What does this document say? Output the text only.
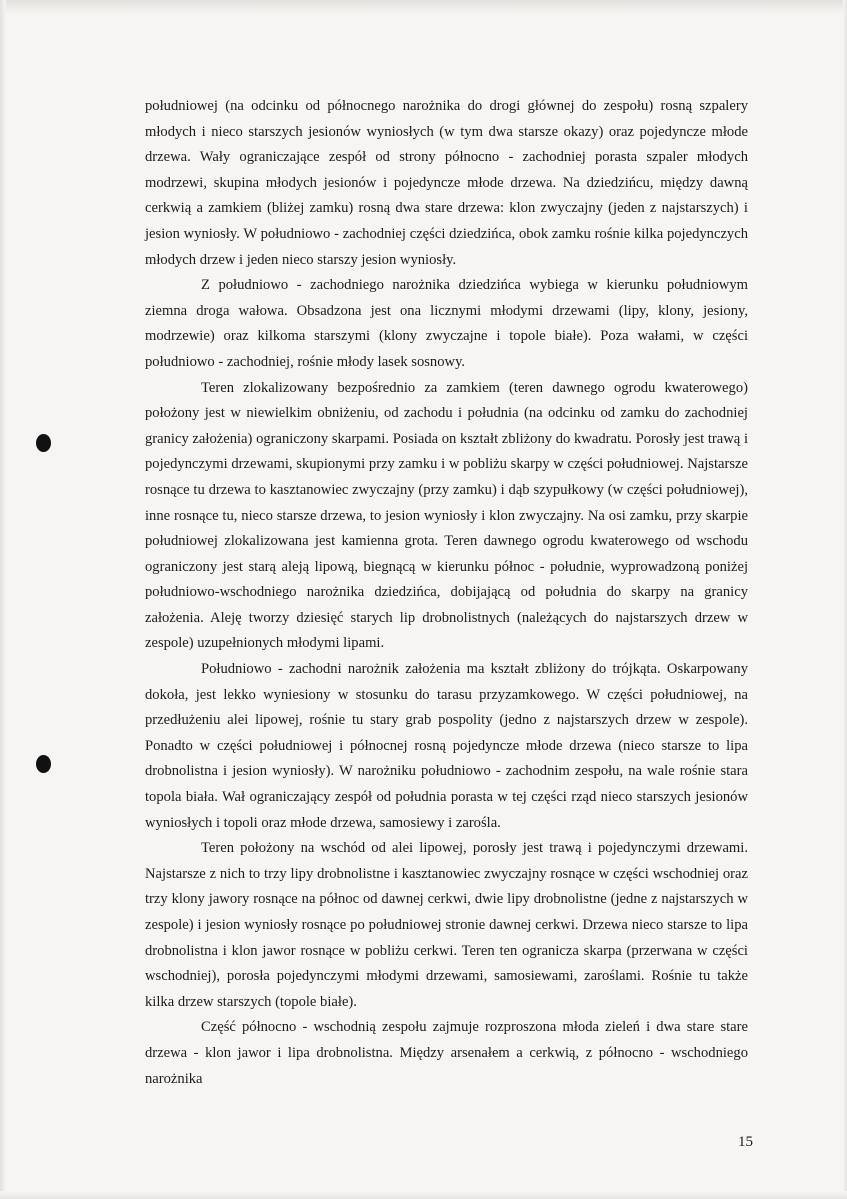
południowej (na odcinku od północnego narożnika do drogi głównej do zespołu) rosną szpalery młodych i nieco starszych jesionów wyniosłych (w tym dwa starsze okazy) oraz pojedyncze młode drzewa. Wały ograniczające zespół od strony północno - zachodniej porasta szpaler młodych modrzewi, skupina młodych jesionów i pojedyncze młode drzewa. Na dziedzińcu, między dawną cerkwią a zamkiem (bliżej zamku) rosną dwa stare drzewa: klon zwyczajny (jeden z najstarszych) i jesion wyniosły. W południowo - zachodniej części dziedzińca, obok zamku rośnie kilka pojedynczych młodych drzew i jeden nieco starszy jesion wyniosły.

Z południowo - zachodniego narożnika dziedzińca wybiega w kierunku południowym ziemna droga wałowa. Obsadzona jest ona licznymi młodymi drzewami (lipy, klony, jesiony, modrzewie) oraz kilkoma starszymi (klony zwyczajne i topole białe). Poza wałami, w części południowo - zachodniej, rośnie młody lasek sosnowy.

Teren zlokalizowany bezpośrednio za zamkiem (teren dawnego ogrodu kwaterowego) położony jest w niewielkim obniżeniu, od zachodu i południa (na odcinku od zamku do zachodniej granicy założenia) ograniczony skarpami. Posiada on kształt zbliżony do kwadratu. Porosły jest trawą i pojedynczymi drzewami, skupionymi przy zamku i w pobliżu skarpy w części południowej. Najstarsze rosnące tu drzewa to kasztanowiec zwyczajny (przy zamku) i dąb szypułkowy (w części południowej), inne rosnące tu, nieco starsze drzewa, to jesion wyniosły i klon zwyczajny. Na osi zamku, przy skarpie południowej zlokalizowana jest kamienna grota. Teren dawnego ogrodu kwaterowego od wschodu ograniczony jest starą aleją lipową, biegnącą w kierunku północ - południe, wyprowadzoną poniżej południowo-wschodniego narożnika dziedzińca, dobijającą od południa do skarpy na granicy założenia. Aleję tworzy dziesięć starych lip drobnolistnych (należących do najstarszych drzew w zespole) uzupełnionych młodymi lipami.

Południowo - zachodni narożnik założenia ma kształt zbliżony do trójkąta. Oskarpowany dokoła, jest lekko wyniesiony w stosunku do tarasu przyzamkowego. W części południowej, na przedłużeniu alei lipowej, rośnie tu stary grab pospolity (jedno z najstarszych drzew w zespole). Ponadto w części południowej i północnej rosną pojedyncze młode drzewa (nieco starsze to lipa drobnolistna i jesion wyniosły). W narożniku południowo - zachodnim zespołu, na wale rośnie stara topola biała. Wał ograniczający zespół od południa porasta w tej części rząd nieco starszych jesionów wyniosłych i topoli oraz młode drzewa, samosiewy i zarośla.

Teren położony na wschód od alei lipowej, porosły jest trawą i pojedynczymi drzewami. Najstarsze z nich to trzy lipy drobnolistne i kasztanowiec zwyczajny rosnące w części wschodniej oraz trzy klony jawory rosnące na północ od dawnej cerkwi, dwie lipy drobnolistne (jedne z najstarszych w zespole) i jesion wyniosły rosnące po południowej stronie dawnej cerkwi. Drzewa nieco starsze to lipa drobnolistna i klon jawor rosnące w pobliżu cerkwi. Teren ten ogranicza skarpa (przerwana w części wschodniej), porosła pojedynczymi młodymi drzewami, samosiewami, zaroślami. Rośnie tu także kilka drzew starszych (topole białe).

Część północno - wschodnią zespołu zajmuje rozproszona młoda zieleń i dwa stare stare drzewa - klon jawor i lipa drobnolistna. Między arsenałem a cerkwią, z północno - wschodniego narożnika

15
